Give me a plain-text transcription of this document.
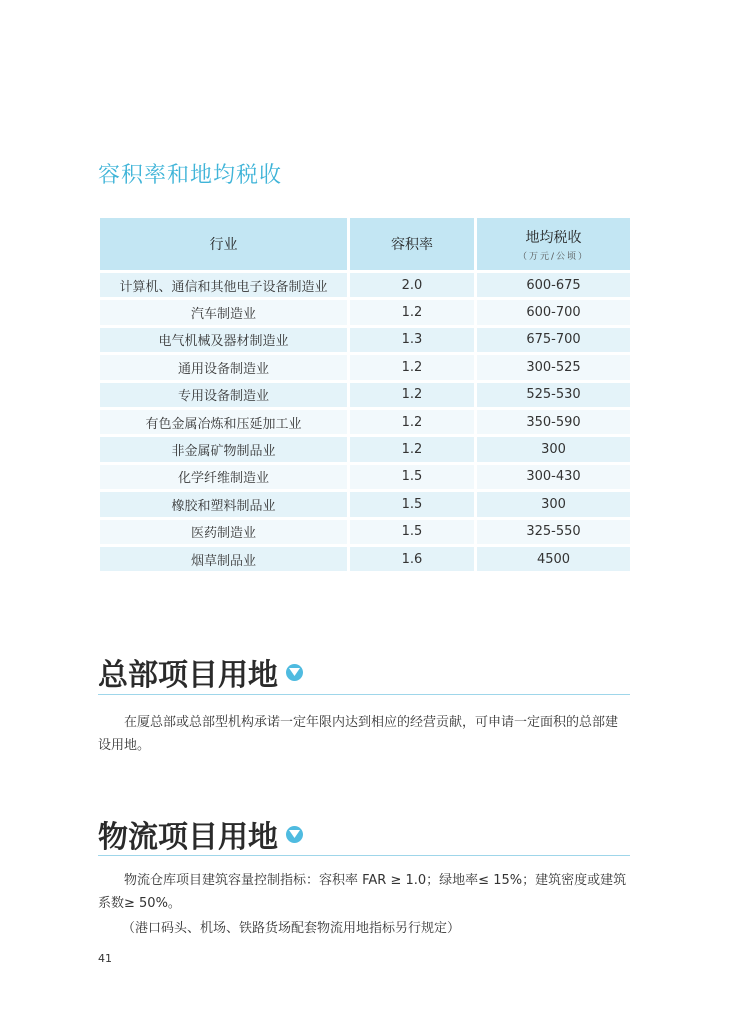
容积率和地均税收
行业	容积率	地均税收
（万元/公顷）

计算机、通信和其他电子设备制造业	2.0	600-675
汽车制造业	1.2	600-700
电气机械及器材制造业	1.3	675-700
通用设备制造业	1.2	300-525
专用设备制造业	1.2	525-530
有色金属冶炼和压延加工业	1.2	350-590
非金属矿物制品业	1.2	300
化学纤维制造业	1.5	300-430
橡胶和塑料制品业	1.5	300
医药制造业	1.5	325-550
烟草制品业	1.6	4500
总部项目用地

在厦总部或总部型机构承诺一定年限内达到相应的经营贡献，可申请一定面积的总部建设用地。

物流项目用地

物流仓库项目建筑容量控制指标：容积率 FAR ≥ 1.0；绿地率≤ 15%；建筑密度或建筑系数≥ 50%。

（港口码头、机场、铁路货场配套物流用地指标另行规定）
41
